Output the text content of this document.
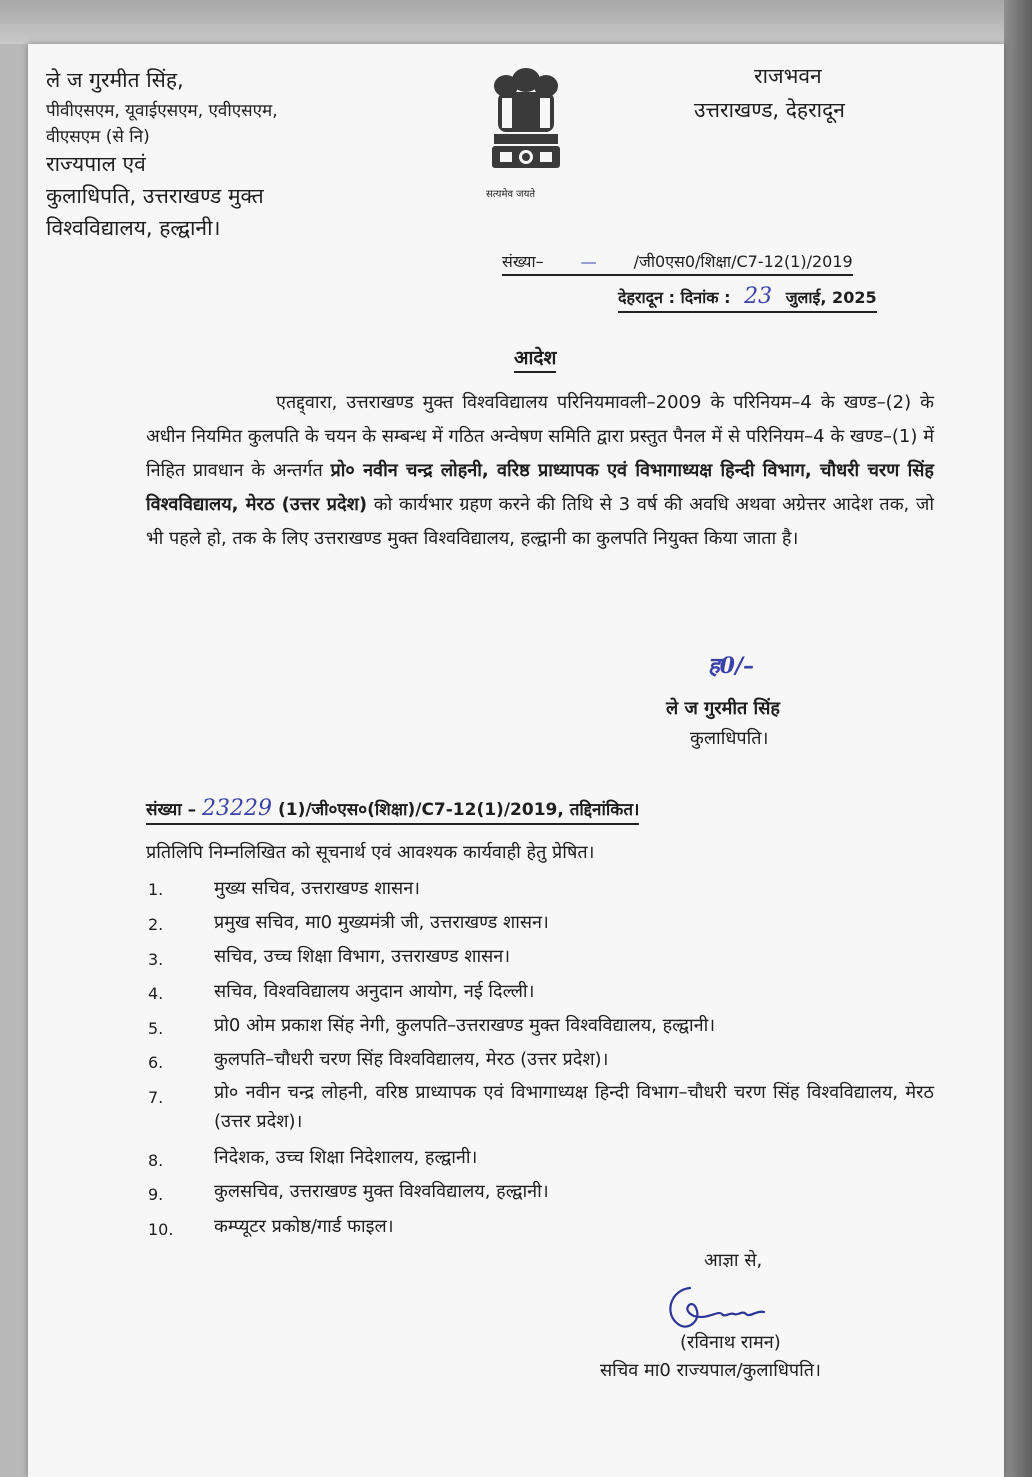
ले ज गुरमीत सिंह,
पीवीएसएम, यूवाईएसएम, एवीएसएम,
वीएसएम (से नि)
राज्यपाल एवं
कुलाधिपति, उत्तराखण्ड मुक्त
विश्वविद्यालय, हल्द्वानी।
सत्यमेव जयते
राजभवन
उत्तराखण्ड, देहरादून
संख्या– — /जी0एस0/शिक्षा/C7-12(1)/2019
देहरादून : दिनांक : 23 जुलाई, 2025
आदेश
एतद्द्वारा, उत्तराखण्ड मुक्त विश्वविद्यालय परिनियमावली–2009 के परिनियम–4 के खण्ड–(2) के अधीन नियमित कुलपति के चयन के सम्बन्ध में गठित अन्वेषण समिति द्वारा प्रस्तुत पैनल में से परिनियम–4 के खण्ड–(1) में निहित प्रावधान के अन्तर्गत प्रो० नवीन चन्द्र लोहनी, वरिष्ठ प्राध्यापक एवं विभागाध्यक्ष हिन्दी विभाग, चौधरी चरण सिंह विश्वविद्यालय, मेरठ (उत्तर प्रदेश) को कार्यभार ग्रहण करने की तिथि से 3 वर्ष की अवधि अथवा अग्रेत्तर आदेश तक, जो भी पहले हो, तक के लिए उत्तराखण्ड मुक्त विश्वविद्यालय, हल्द्वानी का कुलपति नियुक्त किया जाता है।
ह0/–
ले ज गुरमीत सिंह
कुलाधिपति।
संख्या – 23229 (1)/जी०एस०(शिक्षा)/C7-12(1)/2019, तद्दिनांकित।
प्रतिलिपि निम्नलिखित को सूचनार्थ एवं आवश्यक कार्यवाही हेतु प्रेषित।
1.	मुख्य सचिव, उत्तराखण्ड शासन।
2.	प्रमुख सचिव, मा0 मुख्यमंत्री जी, उत्तराखण्ड शासन।
3.	सचिव, उच्च शिक्षा विभाग, उत्तराखण्ड शासन।
4.	सचिव, विश्वविद्यालय अनुदान आयोग, नई दिल्ली।
5.	प्रो0 ओम प्रकाश सिंह नेगी, कुलपति–उत्तराखण्ड मुक्त विश्वविद्यालय, हल्द्वानी।
6.	कुलपति–चौधरी चरण सिंह विश्वविद्यालय, मेरठ (उत्तर प्रदेश)।
7.	प्रो० नवीन चन्द्र लोहनी, वरिष्ठ प्राध्यापक एवं विभागाध्यक्ष हिन्दी विभाग–चौधरी चरण सिंह विश्वविद्यालय, मेरठ (उत्तर प्रदेश)।
8.	निदेशक, उच्च शिक्षा निदेशालय, हल्द्वानी।
9.	कुलसचिव, उत्तराखण्ड मुक्त विश्वविद्यालय, हल्द्वानी।
10. कम्प्यूटर प्रकोष्ठ/गार्ड फाइल।
आज्ञा से,
(रविनाथ रामन)
सचिव मा0 राज्यपाल/कुलाधिपति।
